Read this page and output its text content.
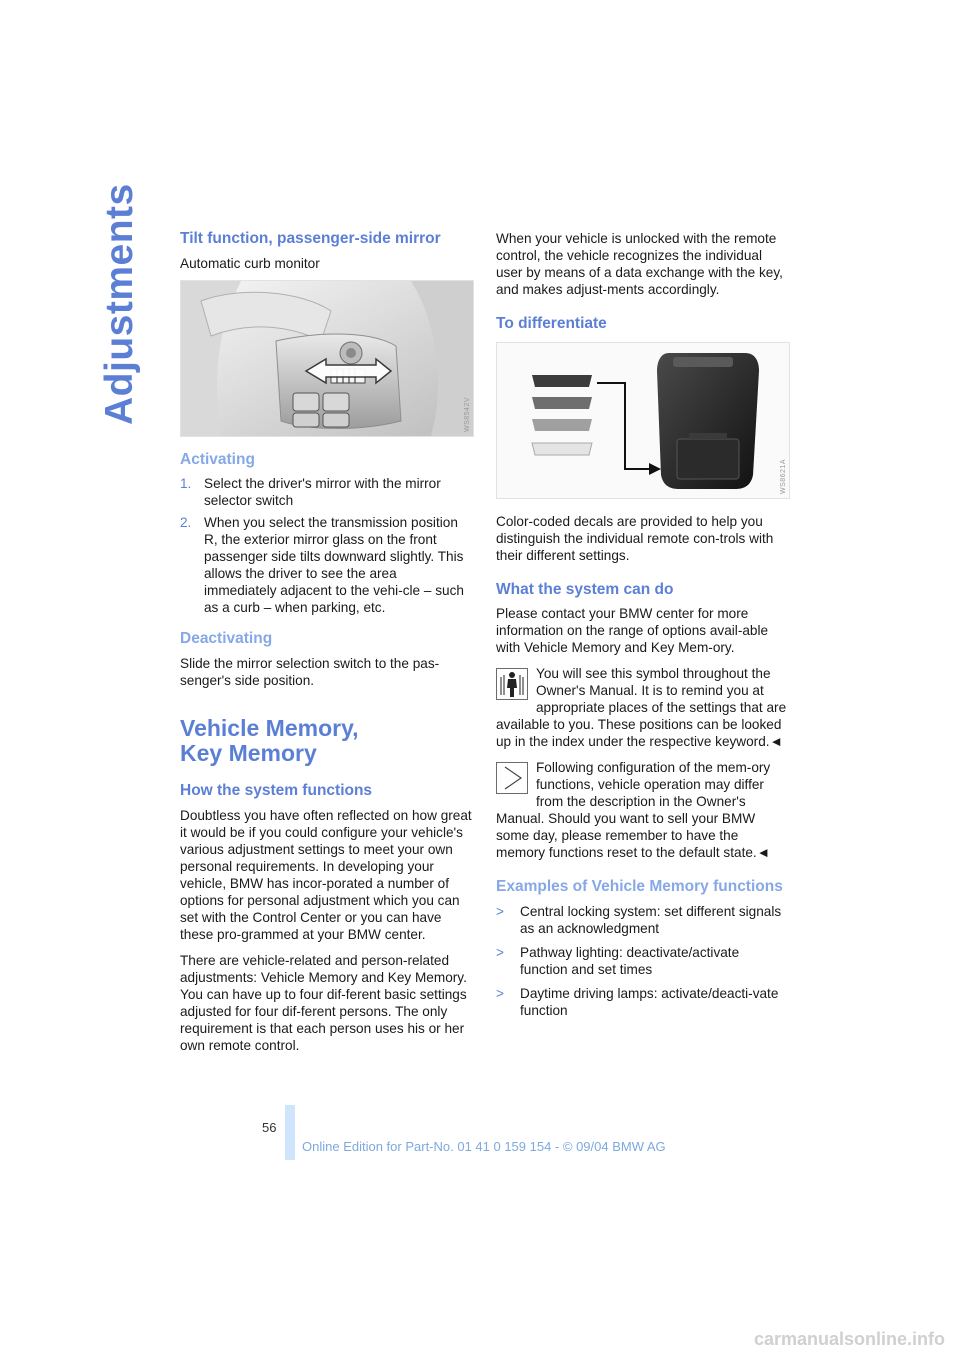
Adjustments	Tilt function, passenger-side mirror

Automatic curb monitor

WS8542V
Activating
1. Select the driver's mirror with the mirror selector switch
2. When you select the transmission position R, the exterior mirror glass on the front passenger side tilts downward slightly. This allows the driver to see the area immediately adjacent to the vehi-cle – such as a curb – when parking, etc.
Deactivating

Slide the mirror selection switch to the pas-senger's side position.

Vehicle Memory,
Key Memory
How the system functions

Doubtless you have often reflected on how great it would be if you could configure your vehicle's various adjustment settings to meet your own personal requirements. In developing your vehicle, BMW has incor-porated a number of options for personal adjustment which you can set with the Control Center or you can have these pro-grammed at your BMW center.

There are vehicle-related and person-related adjustments: Vehicle Memory and Key Memory. You can have up to four dif-ferent basic settings adjusted for four dif-ferent persons. The only requirement is that each person uses his or her own remote control.

When your vehicle is unlocked with the remote control, the vehicle recognizes the individual user by means of a data exchange with the key, and makes adjust-ments accordingly.

To differentiate
WS8621A

Color-coded decals are provided to help you distinguish the individual remote con-trols with their different settings.

What the system can do

Please contact your BMW center for more information on the range of options avail-able with Vehicle Memory and Key Mem-ory.

You will see this symbol throughout the Owner's Manual. It is to remind you at appropriate places of the settings that are available to you. These positions can be looked up in the index under the respective keyword.◄

Following configuration of the mem-ory functions, vehicle operation may differ from the description in the Owner's Manual. Should you want to sell your BMW some day, please remember to have the memory functions reset to the default state.◄

Examples of Vehicle Memory functions
> Central locking system: set different signals as an acknowledgment
> Pathway lighting: deactivate/activate function and set times
> Daytime driving lamps: activate/deacti-vate function
56
Online Edition for Part-No. 01 41 0 159 154 - © 09/04 BMW AG
carmanualsonline.info
